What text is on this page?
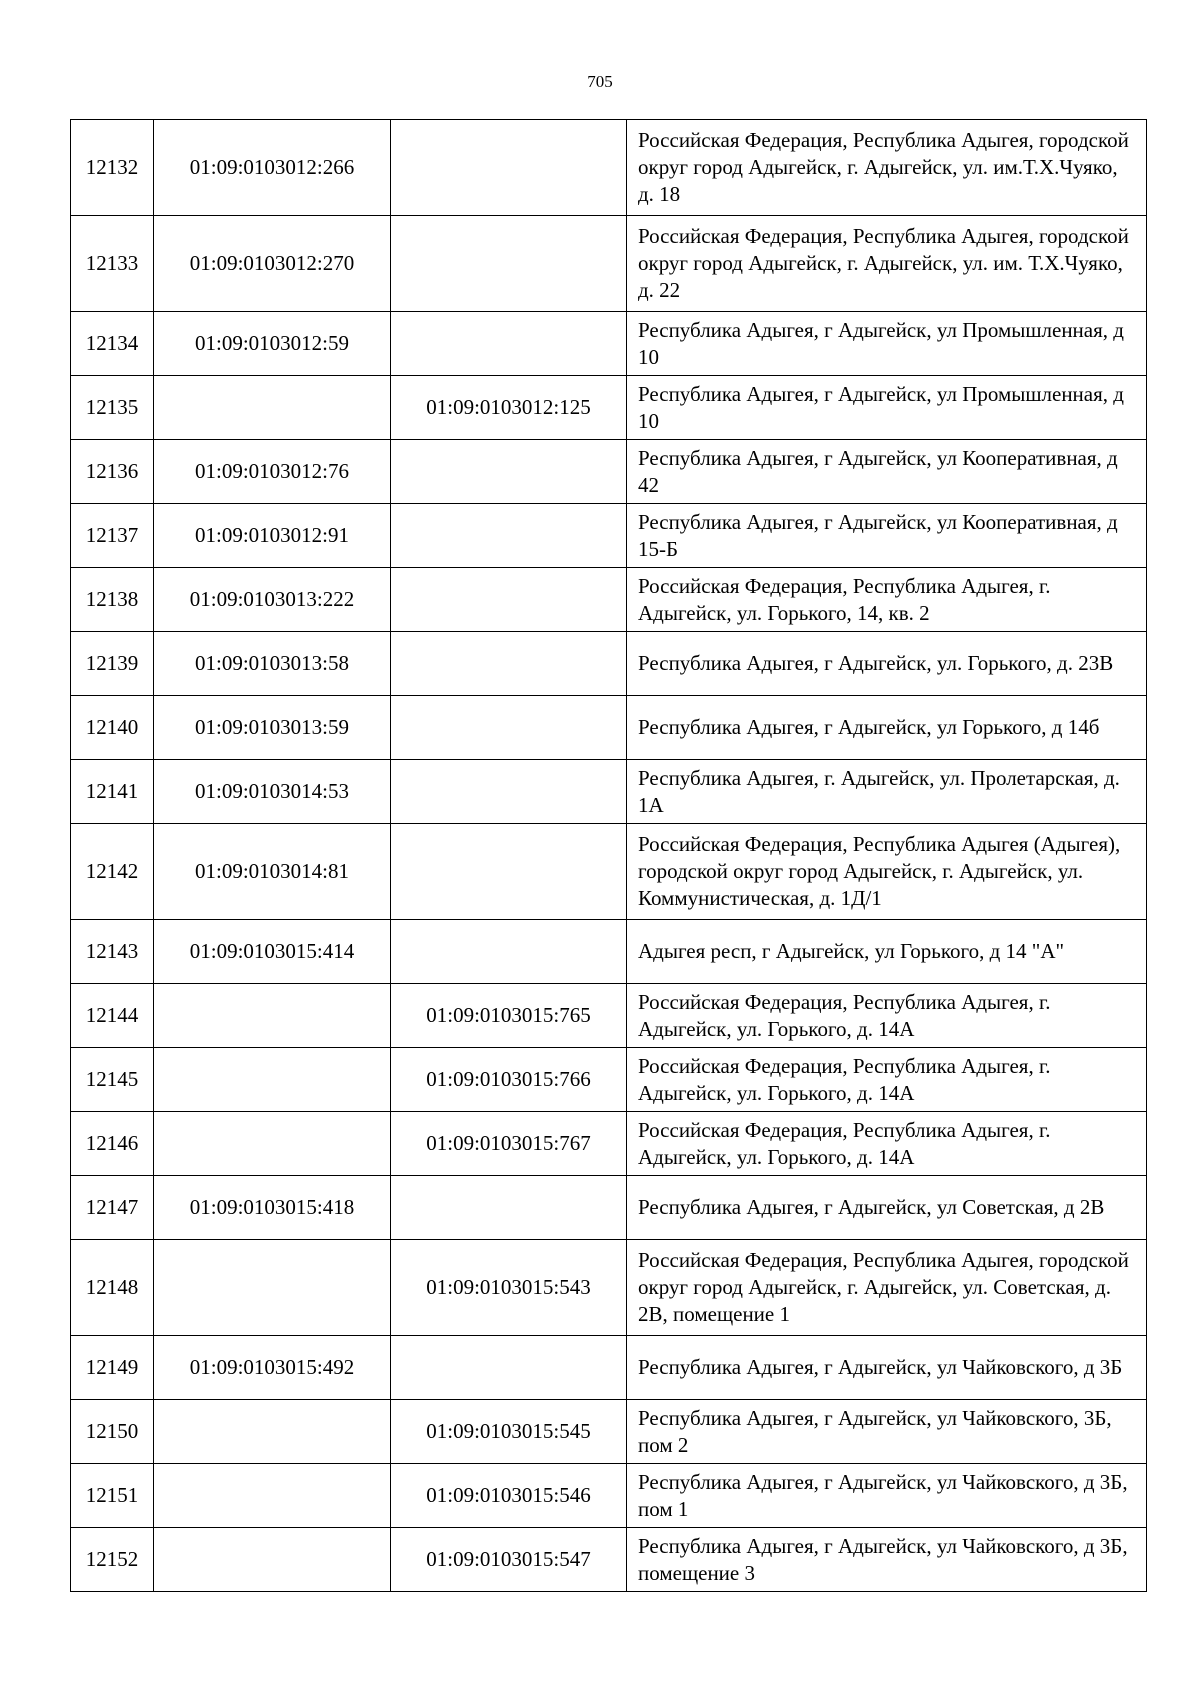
705
12132	01:09:0103012:266		Российская Федерация, Республика Адыгея, городской округ город Адыгейск, г. Адыгейск, ул. им.Т.Х.Чуяко, д. 18
12133	01:09:0103012:270		Российская Федерация, Республика Адыгея, городской округ город Адыгейск, г. Адыгейск, ул. им. Т.Х.Чуяко, д. 22
12134	01:09:0103012:59		Республика Адыгея, г Адыгейск, ул Промышленная, д 10
12135		01:09:0103012:125	Республика Адыгея, г Адыгейск, ул Промышленная, д 10
12136	01:09:0103012:76		Республика Адыгея, г Адыгейск, ул Кооперативная, д 42
12137	01:09:0103012:91		Республика Адыгея, г Адыгейск, ул Кооперативная, д 15-Б
12138	01:09:0103013:222		Российская Федерация, Республика Адыгея, г. Адыгейск, ул. Горького, 14, кв. 2
12139	01:09:0103013:58		Республика Адыгея, г Адыгейск, ул. Горького, д. 23В
12140	01:09:0103013:59		Республика Адыгея, г Адыгейск, ул Горького, д 14б
12141	01:09:0103014:53		Республика Адыгея, г. Адыгейск, ул. Пролетарская, д. 1А
12142	01:09:0103014:81		Российская Федерация, Республика Адыгея (Адыгея), городской округ город Адыгейск, г. Адыгейск, ул. Коммунистическая, д. 1Д/1
12143	01:09:0103015:414		Адыгея респ, г Адыгейск, ул Горького, д 14 "А"
12144		01:09:0103015:765	Российская Федерация, Республика Адыгея, г. Адыгейск, ул. Горького, д. 14А
12145		01:09:0103015:766	Российская Федерация, Республика Адыгея, г. Адыгейск, ул. Горького, д. 14А
12146		01:09:0103015:767	Российская Федерация, Республика Адыгея, г. Адыгейск, ул. Горького, д. 14А
12147	01:09:0103015:418		Республика Адыгея, г Адыгейск, ул Советская, д 2В
12148		01:09:0103015:543	Российская Федерация, Республика Адыгея, городской округ город Адыгейск, г. Адыгейск, ул. Советская, д. 2В, помещение 1
12149	01:09:0103015:492		Республика Адыгея, г Адыгейск, ул Чайковского, д 3Б
12150		01:09:0103015:545	Республика Адыгея, г Адыгейск, ул Чайковского, 3Б, пом 2
12151		01:09:0103015:546	Республика Адыгея, г Адыгейск, ул Чайковского, д 3Б, пом 1
12152		01:09:0103015:547	Республика Адыгея, г Адыгейск, ул Чайковского, д 3Б, помещение 3
